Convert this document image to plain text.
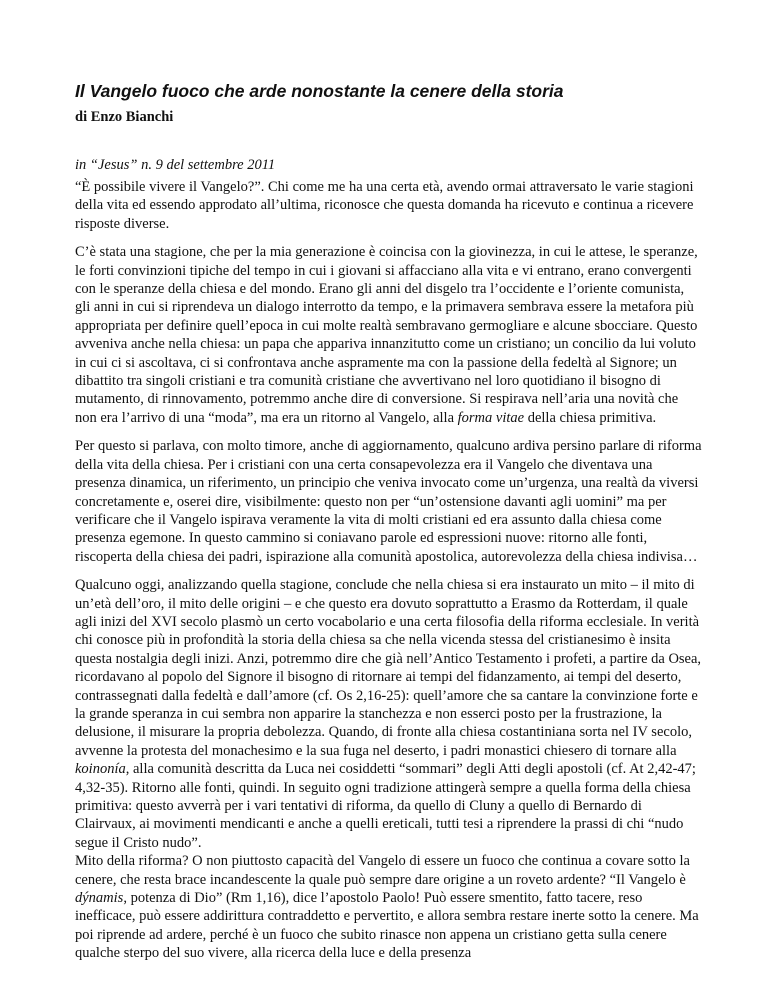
Il Vangelo fuoco che arde nonostante la cenere della storia
di Enzo Bianchi
in “Jesus” n. 9 del settembre 2011

“È possibile vivere il Vangelo?”. Chi come me ha una certa età, avendo ormai attraversato le varie stagioni della vita ed essendo approdato all’ultima, riconosce che questa domanda ha ricevuto e continua a ricevere risposte diverse.

C’è stata una stagione, che per la mia generazione è coincisa con la giovinezza, in cui le attese, le speranze, le forti convinzioni tipiche del tempo in cui i giovani si affacciano alla vita e vi entrano, erano convergenti con le speranze della chiesa e del mondo. Erano gli anni del disgelo tra l’occidente e l’oriente comunista, gli anni in cui si riprendeva un dialogo interrotto da tempo, e la primavera sembrava essere la metafora più appropriata per definire quell’epoca in cui molte realtà sembravano germogliare e alcune sbocciare. Questo avveniva anche nella chiesa: un papa che appariva innanzitutto come un cristiano; un concilio da lui voluto in cui ci si ascoltava, ci si confrontava anche aspramente ma con la passione della fedeltà al Signore; un dibattito tra singoli cristiani e tra comunità cristiane che avvertivano nel loro quotidiano il bisogno di mutamento, di rinnovamento, potremmo anche dire di conversione. Si respirava nell’aria una novità che non era l’arrivo di una “moda”, ma era un ritorno al Vangelo, alla forma vitae della chiesa primitiva.

Per questo si parlava, con molto timore, anche di aggiornamento, qualcuno ardiva persino parlare di riforma della vita della chiesa. Per i cristiani con una certa consapevolezza era il Vangelo che diventava una presenza dinamica, un riferimento, un principio che veniva invocato come un’urgenza, una realtà da viversi concretamente e, oserei dire, visibilmente: questo non per “un’ostensione davanti agli uomini” ma per verificare che il Vangelo ispirava veramente la vita di molti cristiani ed era assunto dalla chiesa come presenza egemone. In questo cammino si coniavano parole ed espressioni nuove: ritorno alle fonti, riscoperta della chiesa dei padri, ispirazione alla comunità apostolica, autorevolezza della chiesa indivisa…

Qualcuno oggi, analizzando quella stagione, conclude che nella chiesa si era instaurato un mito – il mito di un’età dell’oro, il mito delle origini – e che questo era dovuto soprattutto a Erasmo da Rotterdam, il quale agli inizi del XVI secolo plasmò un certo vocabolario e una certa filosofia della riforma ecclesiale. In verità chi conosce più in profondità la storia della chiesa sa che nella vicenda stessa del cristianesimo è insita questa nostalgia degli inizi. Anzi, potremmo dire che già nell’Antico Testamento i profeti, a partire da Osea, ricordavano al popolo del Signore il bisogno di ritornare ai tempi del fidanzamento, ai tempi del deserto, contrassegnati dalla fedeltà e dall’amore (cf. Os 2,16-25): quell’amore che sa cantare la convinzione forte e la grande speranza in cui sembra non apparire la stanchezza e non esserci posto per la frustrazione, la delusione, il misurare la propria debolezza. Quando, di fronte alla chiesa costantiniana sorta nel IV secolo, avvenne la protesta del monachesimo e la sua fuga nel deserto, i padri monastici chiesero di tornare alla koinonía, alla comunità descritta da Luca nei cosiddetti “sommari” degli Atti degli apostoli (cf. At 2,42-47; 4,32-35). Ritorno alle fonti, quindi. In seguito ogni tradizione attingerà sempre a quella forma della chiesa primitiva: questo avverrà per i vari tentativi di riforma, da quello di Cluny a quello di Bernardo di Clairvaux, ai movimenti mendicanti e anche a quelli ereticali, tutti tesi a riprendere la prassi di chi “nudo segue il Cristo nudo”.

Mito della riforma? O non piuttosto capacità del Vangelo di essere un fuoco che continua a covare sotto la cenere, che resta brace incandescente la quale può sempre dare origine a un roveto ardente? “Il Vangelo è dýnamis, potenza di Dio” (Rm 1,16), dice l’apostolo Paolo! Può essere smentito, fatto tacere, reso inefficace, può essere addirittura contraddetto e pervertito, e allora sembra restare inerte sotto la cenere. Ma poi riprende ad ardere, perché è un fuoco che subito rinasce non appena un cristiano getta sulla cenere qualche sterpo del suo vivere, alla ricerca della luce e della presenza
